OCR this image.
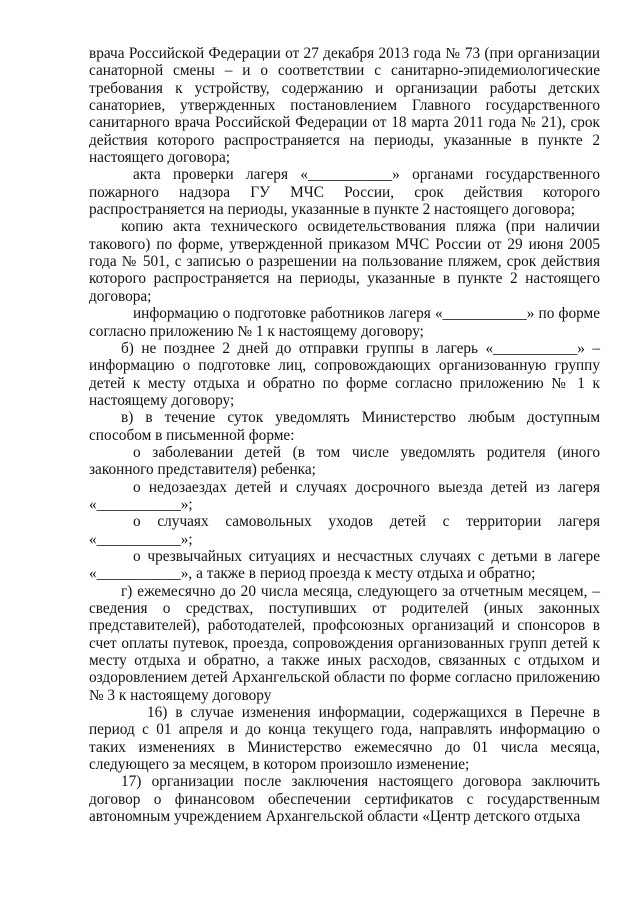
врача Российской Федерации от 27 декабря 2013 года № 73 (при организации санаторной смены – и о соответствии с санитарно-эпидемиологические требования к устройству, содержанию и организации работы детских санаториев, утвержденных постановлением Главного государственного санитарного врача Российской Федерации от 18 марта 2011 года № 21), срок действия которого распространяется на периоды, указанные в пункте 2 настоящего договора;

акта проверки лагеря «___________» органами государственного пожарного надзора ГУ МЧС России, срок действия которого распространяется на периоды, указанные в пункте 2 настоящего договора;

копию акта технического освидетельствования пляжа (при наличии такового) по форме, утвержденной приказом МЧС России от 29 июня 2005 года № 501, с записью о разрешении на пользование пляжем, срок действия которого распространяется на периоды, указанные в пункте 2 настоящего договора;

информацию о подготовке работников лагеря «___________» по форме согласно приложению № 1 к настоящему договору;

б) не позднее 2 дней до отправки группы в лагерь «___________» – информацию о подготовке лиц, сопровождающих организованную группу детей к месту отдыха и обратно по форме согласно приложению № 1 к настоящему договору;

в) в течение суток уведомлять Министерство любым доступным способом в письменной форме:

о заболевании детей (в том числе уведомлять родителя (иного законного представителя) ребенка;

о недозаездах детей и случаях досрочного выезда детей из лагеря «___________»;

о случаях самовольных уходов детей с территории лагеря «___________»;

о чрезвычайных ситуациях и несчастных случаях с детьми в лагере «___________», а также в период проезда к месту отдыха и обратно;

г) ежемесячно до 20 числа месяца, следующего за отчетным месяцем, – сведения о средствах, поступивших от родителей (иных законных представителей), работодателей, профсоюзных организаций и спонсоров в счет оплаты путевок, проезда, сопровождения организованных групп детей к месту отдыха и обратно, а также иных расходов, связанных с отдыхом и оздоровлением детей Архангельской области по форме согласно приложению № 3 к настоящему договору

16) в случае изменения информации, содержащихся в Перечне в период с 01 апреля и до конца текущего года, направлять информацию о таких изменениях в Министерство ежемесячно до 01 числа месяца, следующего за месяцем, в котором произошло изменение;

17) организации после заключения настоящего договора заключить договор о финансовом обеспечении сертификатов с государственным автономным учреждением Архангельской области «Центр детского отдыха
